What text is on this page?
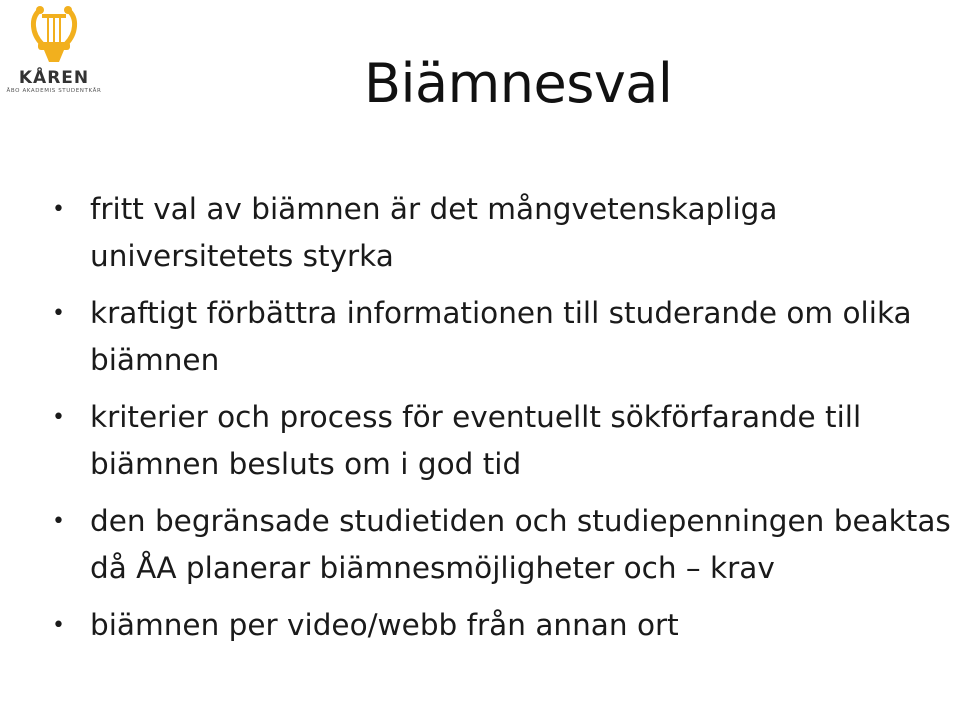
KÅREN
ÅBO AKADEMIS STUDENTKÅR	Biämnesval
• fritt val av biämnen är det mångvetenskapliga universitetets styrka
• kraftigt förbättra informationen till studerande om olika biämnen
• kriterier och process för eventuellt sökförfarande till biämnen besluts om i god tid
• den begränsade studietiden och studiepenningen beaktas då ÅA planerar biämnesmöjligheter och – krav
• biämnen per video/webb från annan ort
